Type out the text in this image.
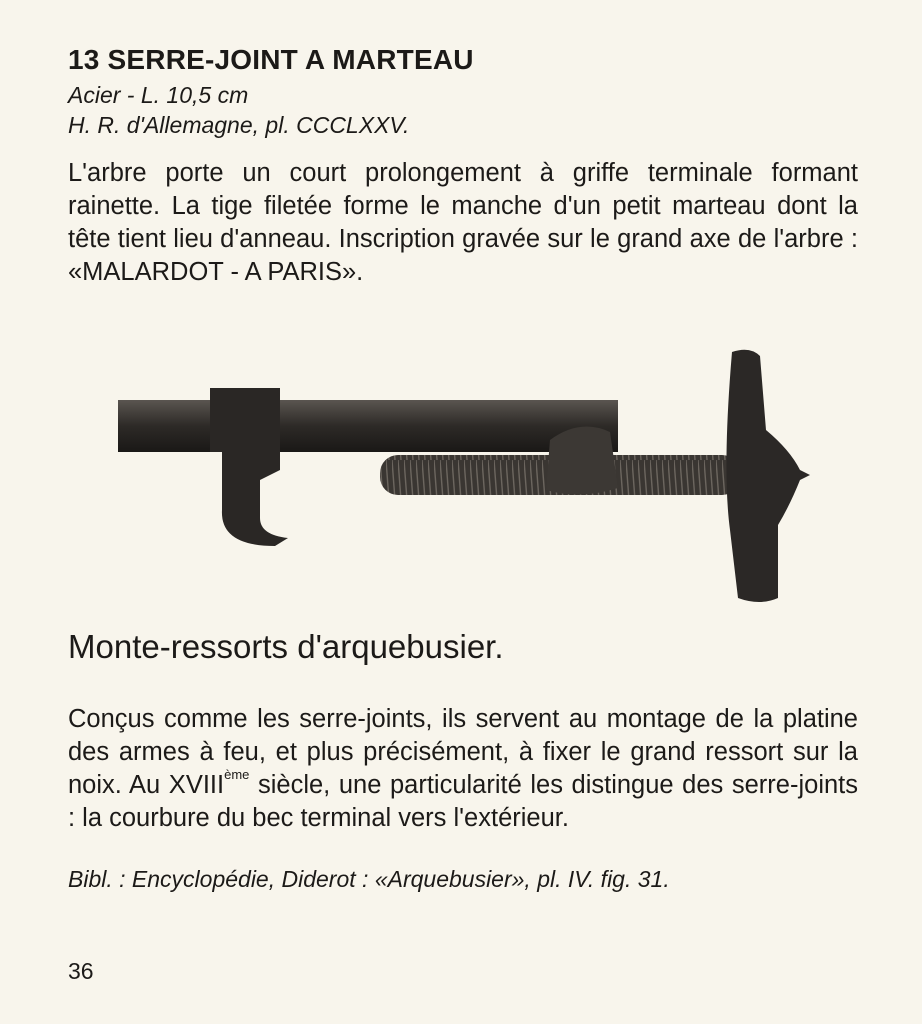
13 SERRE-JOINT A MARTEAU

Acier - L. 10,5 cm

H. R. d'Allemagne, pl. CCCLXXV.

L'arbre porte un court prolongement à griffe terminale formant rainette. La tige filetée forme le manche d'un petit marteau dont la tête tient lieu d'anneau. Inscription gravée sur le grand axe de l'arbre : «MALARDOT - A PARIS».

Monte-ressorts d'arquebusier.

Conçus comme les serre-joints, ils servent au montage de la platine des armes à feu, et plus précisément, à fixer le grand ressort sur la noix. Au XVIIIème siècle, une particularité les distingue des serre-joints : la courbure du bec terminal vers l'extérieur.

Bibl. : Encyclopédie, Diderot : «Arquebusier», pl. IV. fig. 31.

36
